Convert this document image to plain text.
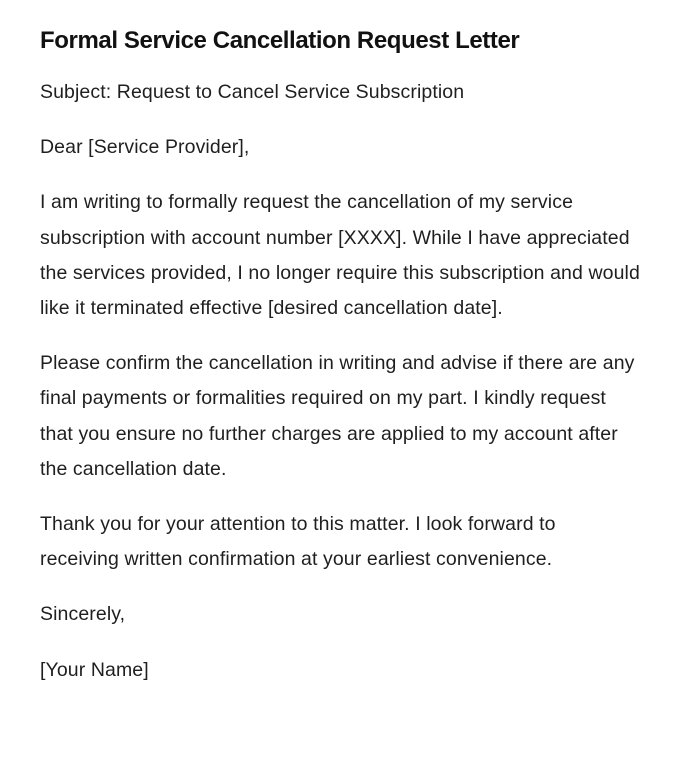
Formal Service Cancellation Request Letter

Subject: Request to Cancel Service Subscription

Dear [Service Provider],

I am writing to formally request the cancellation of my service subscription with account number [XXXX]. While I have appreciated the services provided, I no longer require this subscription and would like it terminated effective [desired cancellation date].

Please confirm the cancellation in writing and advise if there are any final payments or formalities required on my part. I kindly request that you ensure no further charges are applied to my account after the cancellation date.

Thank you for your attention to this matter. I look forward to receiving written confirmation at your earliest convenience.

Sincerely,

[Your Name]
